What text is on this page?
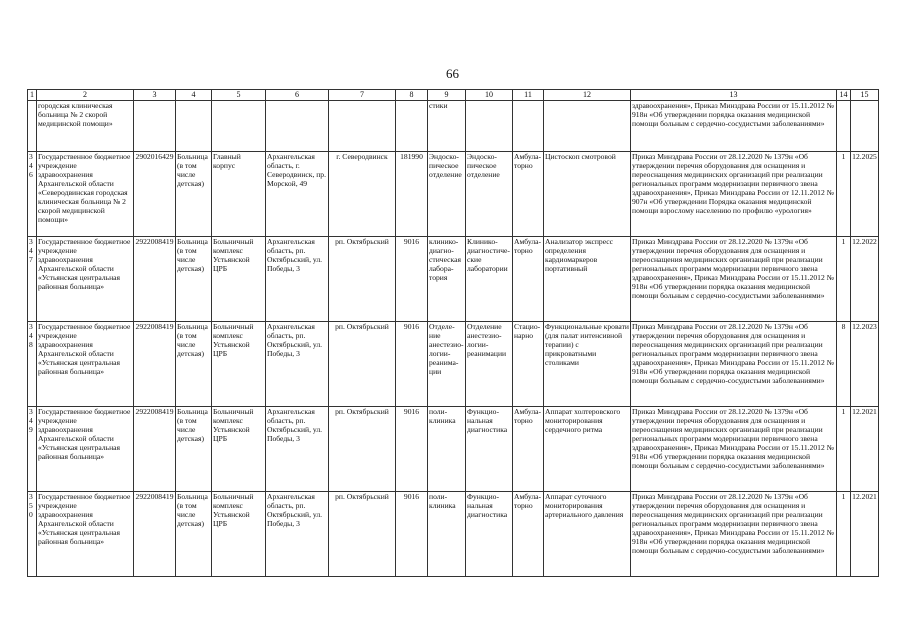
66
1	2	3	4	5	6	7	8	9	10	11	12	13	14	15
	городская клиническая больница № 2 скорой медицинской помощи»							стики				здравоохранения», Приказ Минздрава России от 15.11.2012 № 918н «Об утверждении порядка оказания медицинской помощи больным с сердечно-сосудистыми заболеваниями»		
346	Государственное бюджетное учреждение здравоохранения Архангельской области «Северодвинская городская клиническая больница № 2 скорой медицинской помощи»	2902016429	Больница (в том числе детская)	Главный корпус	Архангельская область, г. Северодвинск, пр. Морской, 49	г. Северодвинск	181990	Эндоско-пическое отделение	Эндоско-пическое отделение	Амбула-торно	Цистоскоп смотровой	Приказ Минздрава России от 28.12.2020 № 1379н «Об утверждении перечня оборудования для оснащения и переоснащения медицинских организаций при реализации региональных программ модернизации первичного звена здравоохранения», Приказ Минздрава России от 12.11.2012 № 907н «Об утверждении Порядка оказания медицинской помощи взрослому населению по профилю «урология»	1	12.2025
347	Государственное бюджетное учреждение здравоохранения Архангельской области «Устьянская центральная районная больница»	2922008419	Больница (в том числе детская)	Больничный комплекс Устьянской ЦРБ	Архангельская область, рп. Октябрьский, ул. Победы, 3	рп. Октябрьский	9016	клинико-диагно-стическая лабора-тория	Клинико-диагностиче-ские лаборатории	Амбула-торно	Анализатор экспресс определения кардиомаркеров портативный	Приказ Минздрава России от 28.12.2020 № 1379н «Об утверждении перечня оборудования для оснащения и переоснащения медицинских организаций при реализации региональных программ модернизации первичного звена здравоохранения», Приказ Минздрава России от 15.11.2012 № 918н «Об утверждении порядка оказания медицинской помощи больным с сердечно-сосудистыми заболеваниями»	1	12.2022
348	Государственное бюджетное учреждение здравоохранения Архангельской области «Устьянская центральная районная больница»	2922008419	Больница (в том числе детская)	Больничный комплекс Устьянской ЦРБ	Архангельская область, рп. Октябрьский, ул. Победы, 3	рп. Октябрьский	9016	Отделе-ние анестезио-логии-реанима-ции	Отделение анестезио-логии-реанимации	Стацио-нарно	Функциональные кровати (для палат интенсивной терапии) с прикроватными столиками	Приказ Минздрава России от 28.12.2020 № 1379н «Об утверждении перечня оборудования для оснащения и переоснащения медицинских организаций при реализации региональных программ модернизации первичного звена здравоохранения», Приказ Минздрава России от 15.11.2012 № 918н «Об утверждении порядка оказания медицинской помощи больным с сердечно-сосудистыми заболеваниями»	8	12.2023
349	Государственное бюджетное учреждение здравоохранения Архангельской области «Устьянская центральная районная больница»	2922008419	Больница (в том числе детская)	Больничный комплекс Устьянской ЦРБ	Архангельская область, рп. Октябрьский, ул. Победы, 3	рп. Октябрьский	9016	поли-клиника	Функцио-нальная диагностика	Амбула-торно	Аппарат холтеровского мониторирования сердечного ритма	Приказ Минздрава России от 28.12.2020 № 1379н «Об утверждении перечня оборудования для оснащения и переоснащения медицинских организаций при реализации региональных программ модернизации первичного звена здравоохранения», Приказ Минздрава России от 15.11.2012 № 918н «Об утверждении порядка оказания медицинской помощи больным с сердечно-сосудистыми заболеваниями»	1	12.2021
350	Государственное бюджетное учреждение здравоохранения Архангельской области «Устьянская центральная районная больница»	2922008419	Больница (в том числе детская)	Больничный комплекс Устьянской ЦРБ	Архангельская область, рп. Октябрьский, ул. Победы, 3	рп. Октябрьский	9016	поли-клиника	Функцио-нальная диагностика	Амбула-торно	Аппарат суточного мониторирования артериального давления	Приказ Минздрава России от 28.12.2020 № 1379н «Об утверждении перечня оборудования для оснащения и переоснащения медицинских организаций при реализации региональных программ модернизации первичного звена здравоохранения», Приказ Минздрава России от 15.11.2012 № 918н «Об утверждении порядка оказания медицинской помощи больным с сердечно-сосудистыми заболеваниями»	1	12.2021
